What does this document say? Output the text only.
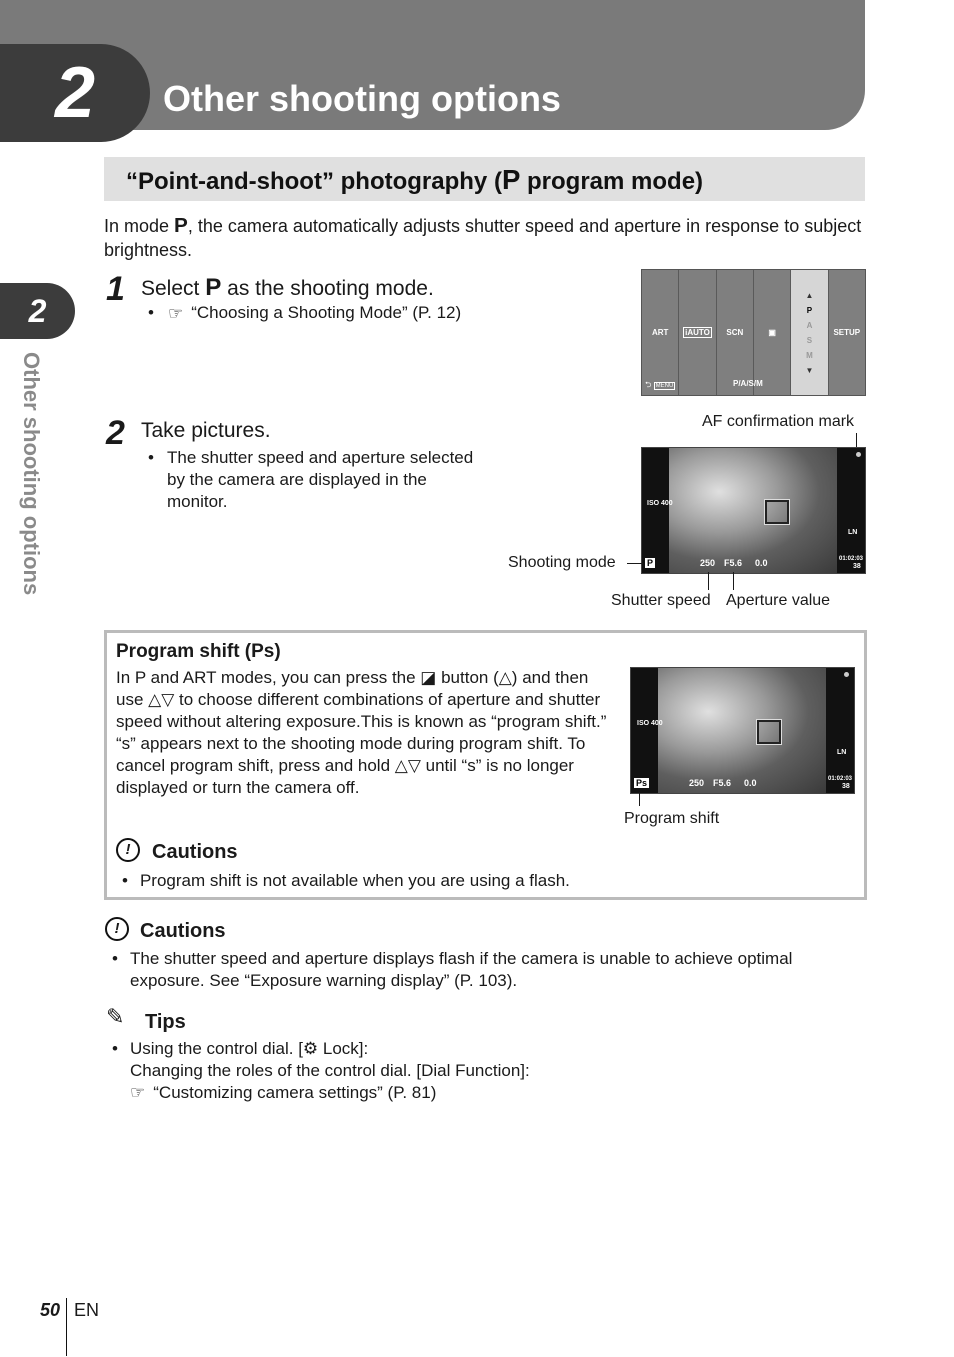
2	Other shooting options
2
Other shooting options
“Point-and-shoot” photography (P program mode)
In mode P, the camera automatically adjusts shutter speed and aperture in response to subject brightness.
1 Select P as the shooting mode.
• ☞ “Choosing a Shooting Mode” (P. 12)
ART iAUTO SCN	▣
▲
P
A
S
M
▼
SETUP
⮌ MENU	P/A/S/M
AF confirmation mark
ISO 400
P	250 F5.6 0.0	01:02:03
38
LN
Shooting mode
Shutter speed Aperture value
2 Take pictures.
• The shutter speed and aperture selected by the camera are displayed in the monitor.
Program shift (Ps)
In P and ART modes, you can press the ◪ button (△) and then use △▽ to choose different combinations of aperture and shutter speed without altering exposure.This is known as “program shift.” “s” appears next to the shooting mode during program shift. To cancel program shift, press and hold △▽ until “s” is no longer displayed or turn the camera off.
ISO 400
Ps	250 F5.6 0.0	01:02:03
38
LN
Program shift
!	Cautions
• Program shift is not available when you are using a flash.
!	Cautions
• The shutter speed and aperture displays flash if the camera is unable to achieve optimal exposure. See “Exposure warning display” (P. 103).
✎ Tips
• Using the control dial. [⚙ Lock]:
Changing the roles of the control dial. [Dial Function]:
☞ “Customizing camera settings” (P. 81)
50 EN
